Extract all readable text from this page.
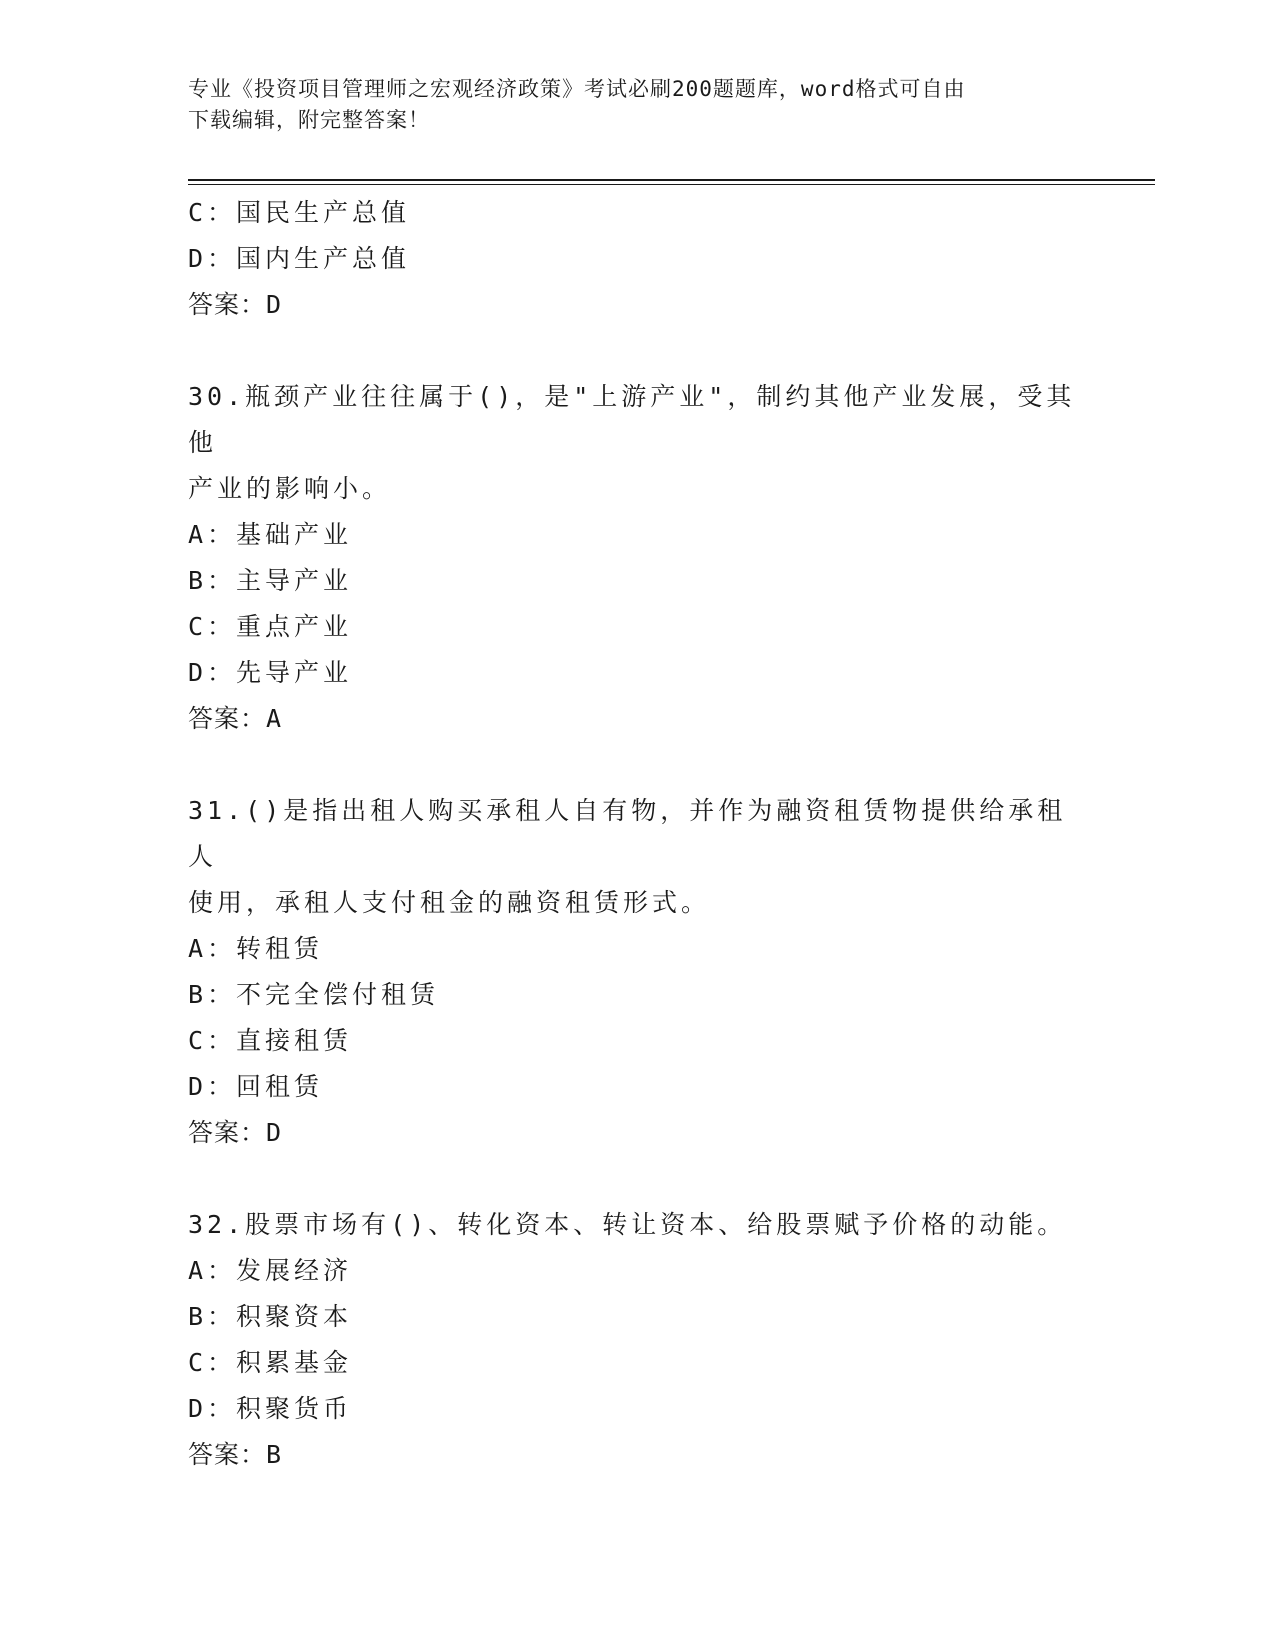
专业《投资项目管理师之宏观经济政策》考试必刷200题题库，word格式可自由
下载编辑，附完整答案！
C：国民生产总值
D：国内生产总值
答案：D
30.瓶颈产业往往属于()，是"上游产业"，制约其他产业发展，受其他
产业的影响小。
A：基础产业
B：主导产业
C：重点产业
D：先导产业
答案：A
31.()是指出租人购买承租人自有物，并作为融资租赁物提供给承租人
使用，承租人支付租金的融资租赁形式。
A：转租赁
B：不完全偿付租赁
C：直接租赁
D：回租赁
答案：D
32.股票市场有()、转化资本、转让资本、给股票赋予价格的动能。
A：发展经济
B：积聚资本
C：积累基金
D：积聚货币
答案：B
